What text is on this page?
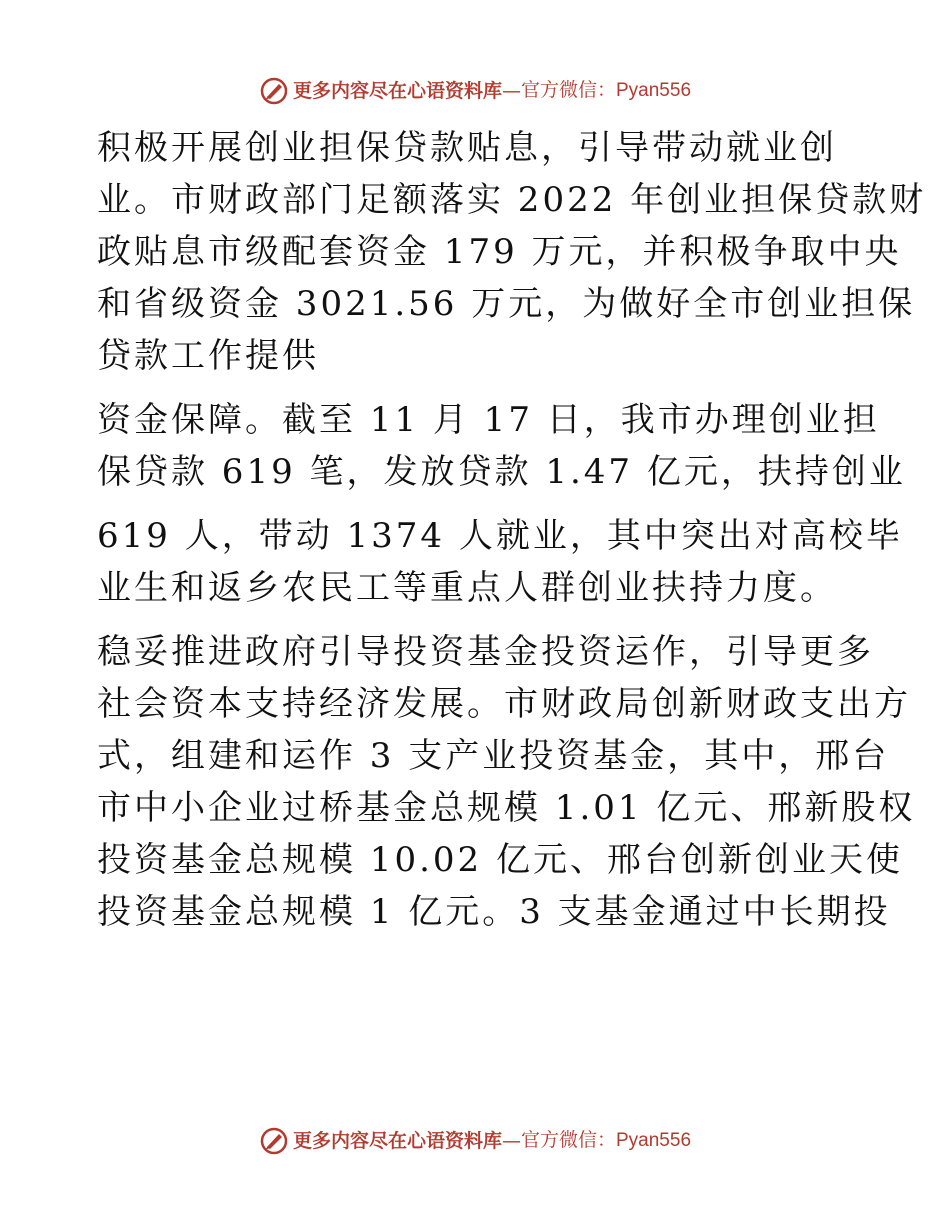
更多内容尽在心语资料库—官方微信：Pyan556

积极开展创业担保贷款贴息，引导带动就业创
业。市财政部门足额落实 2022 年创业担保贷款财
政贴息市级配套资金 179 万元，并积极争取中央
和省级资金 3021.56 万元，为做好全市创业担保
贷款工作提供

资金保障。截至 11 月 17 日，我市办理创业担
保贷款 619 笔，发放贷款 1.47 亿元，扶持创业

619 人，带动 1374 人就业，其中突出对高校毕
业生和返乡农民工等重点人群创业扶持力度。

稳妥推进政府引导投资基金投资运作，引导更多
社会资本支持经济发展。市财政局创新财政支出方
式，组建和运作 3 支产业投资基金，其中，邢台
市中小企业过桥基金总规模 1.01 亿元、邢新股权
投资基金总规模 10.02 亿元、邢台创新创业天使
投资基金总规模 1 亿元。3 支基金通过中长期投

更多内容尽在心语资料库—官方微信：Pyan556
